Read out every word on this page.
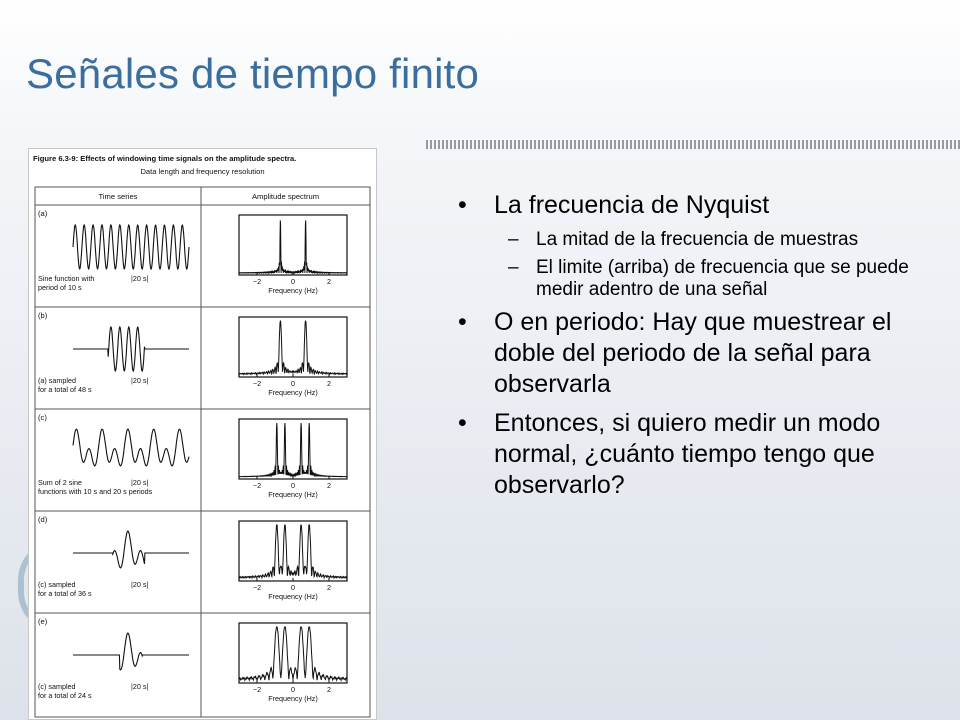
Señales de tiempo finito
Figure 6.3-9: Effects of windowing time signals on the amplitude spectra.
Data length and frequency resolution
Time series	Amplitude spectrum
(a)
Sine function with
period of 10 s
|20 s|	−2	0	2
Frequency (Hz)
(b)
(a) sampled
for a total of 48 s
|20 s|	−2	0	2
Frequency (Hz)
(c)
Sum of 2 sine
functions with 10 s and 20 s periods
|20 s|	−2	0	2
Frequency (Hz)
(d)
(c) sampled
for a total of 36 s
|20 s|	−2	0	2
Frequency (Hz)
(e)
(c) sampled
for a total of 24 s
|20 s|	−2	0	2
Frequency (Hz)
• La frecuencia de Nyquist
– La mitad de la frecuencia de muestras
– El limite (arriba) de frecuencia que se puede medir adentro de una señal
• O en periodo: Hay que muestrear el doble del periodo de la señal para observarla
• Entonces, si quiero medir un modo normal, ¿cuánto tiempo tengo que observarlo?
